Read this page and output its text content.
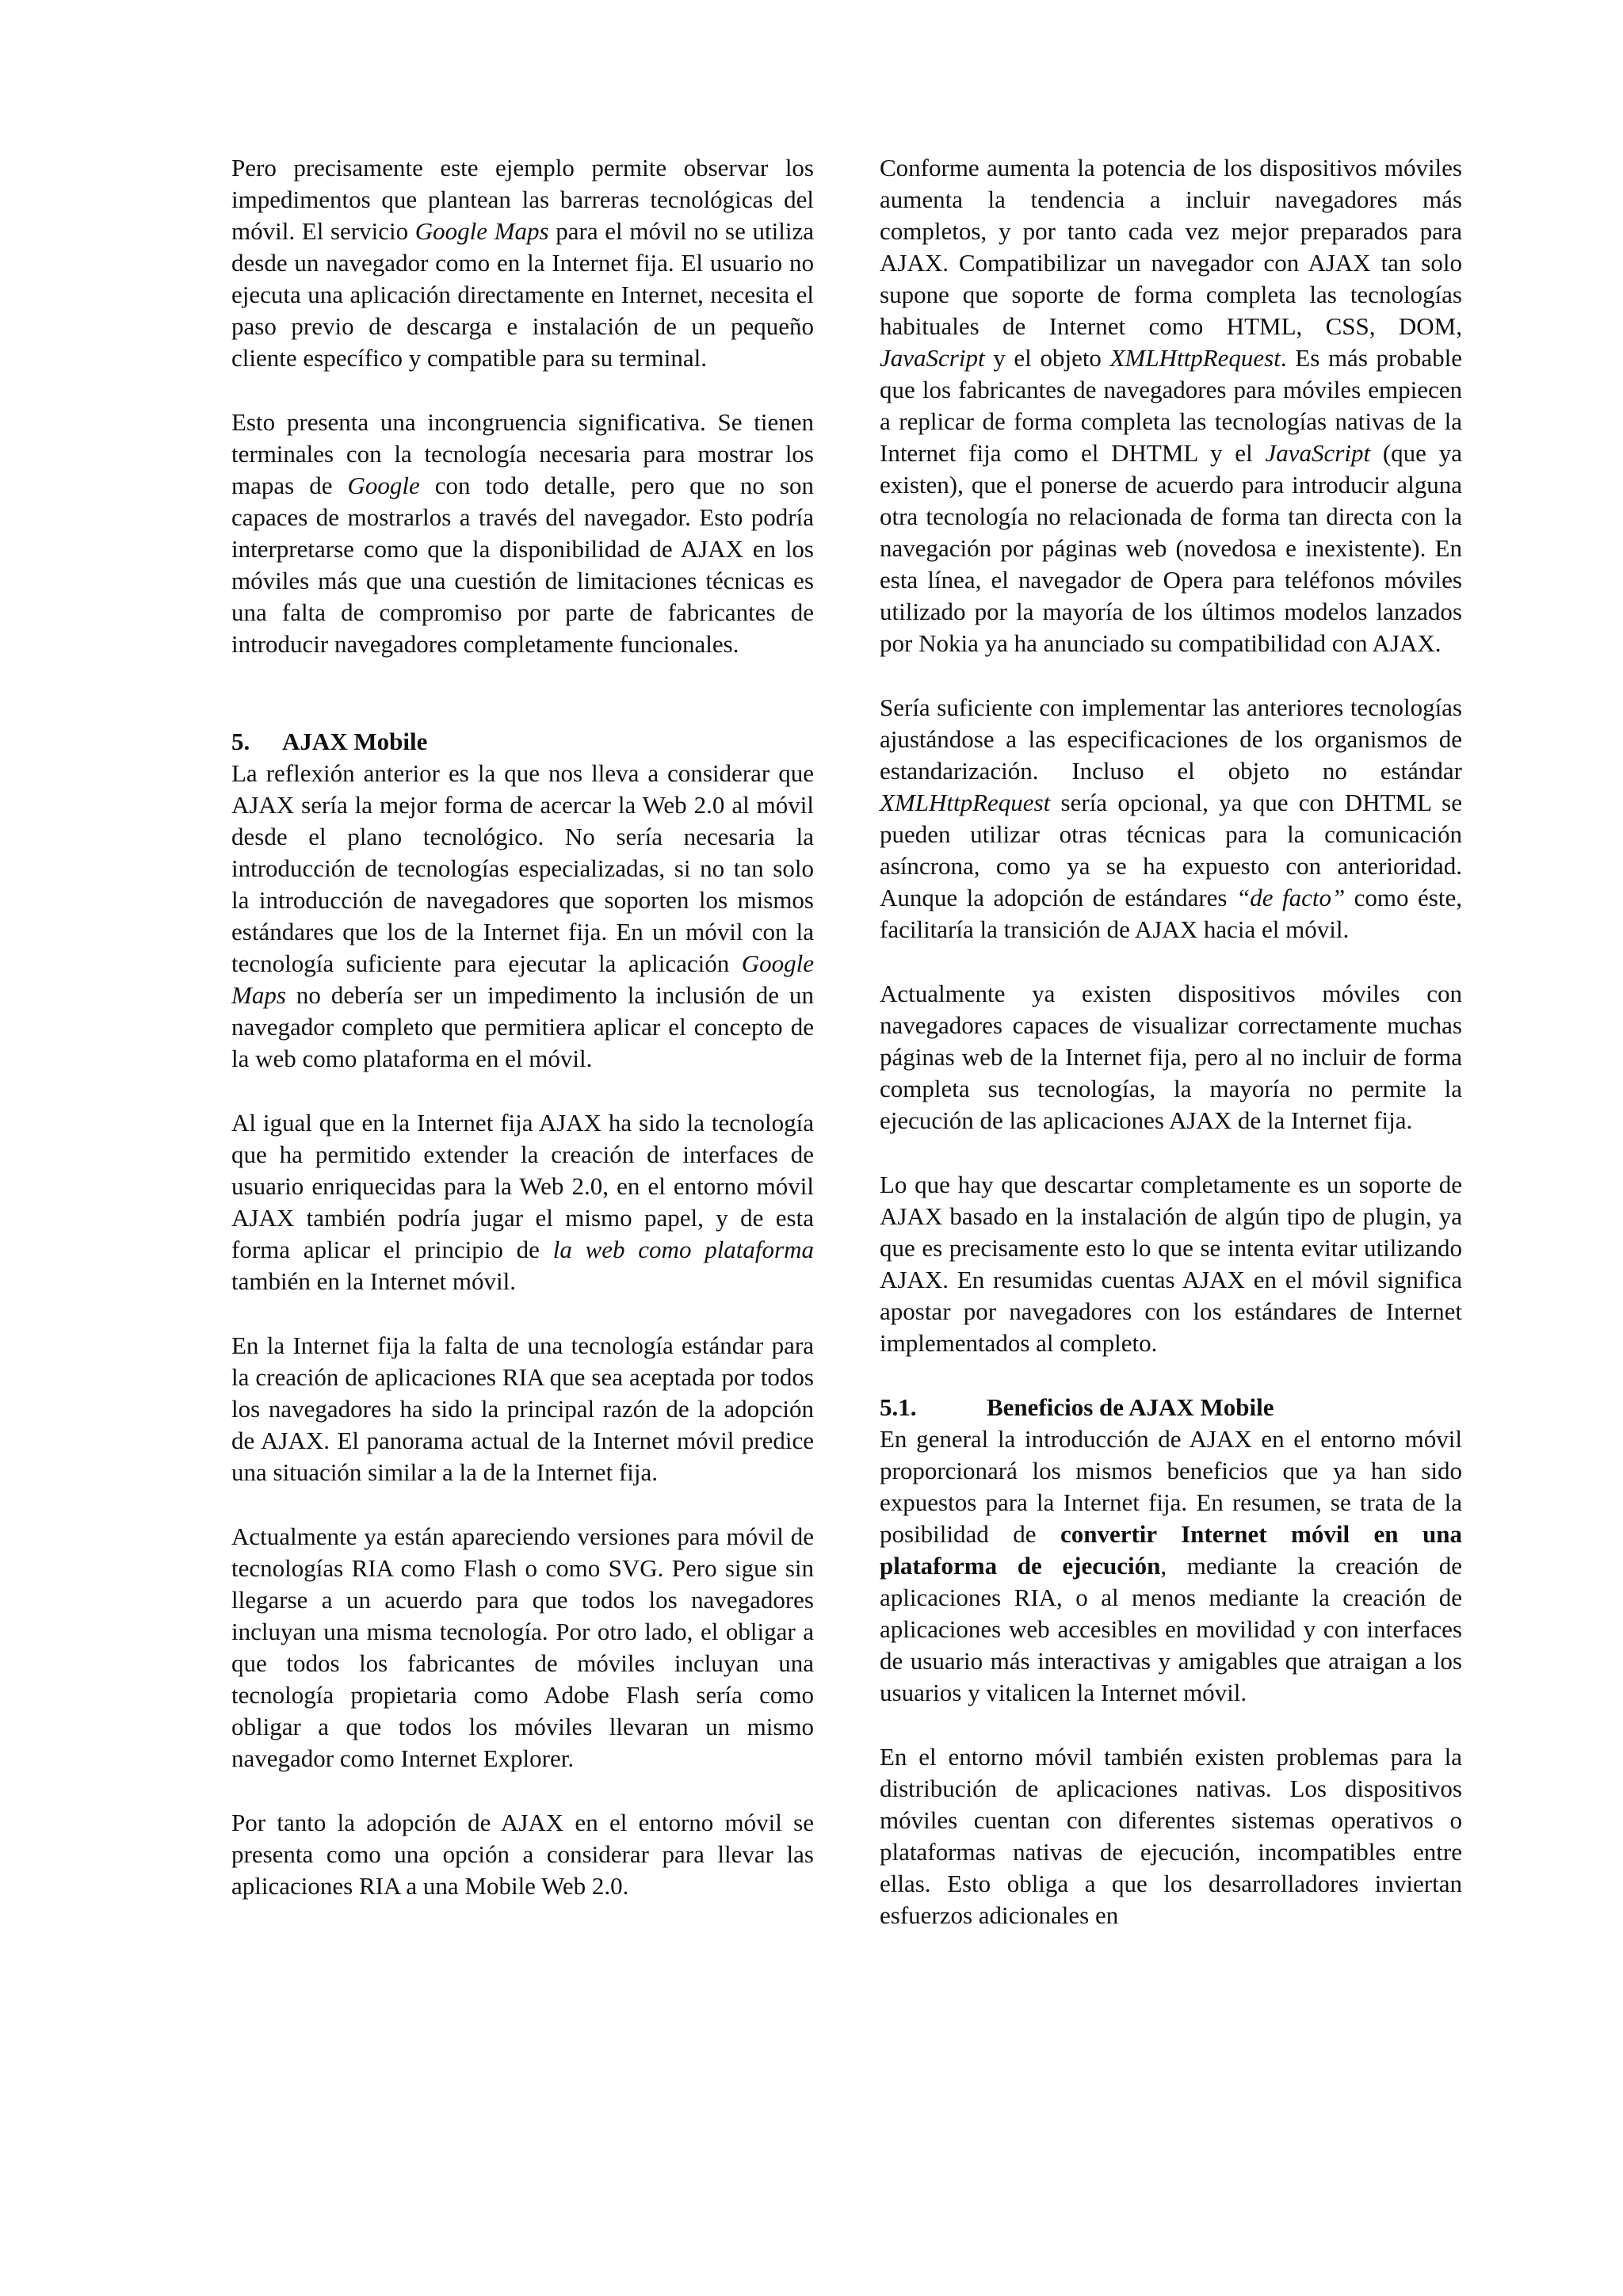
Pero precisamente este ejemplo permite observar los impedimentos que plantean las barreras tecnológicas del móvil. El servicio Google Maps para el móvil no se utiliza desde un navegador como en la Internet fija. El usuario no ejecuta una aplicación directamente en Internet, necesita el paso previo de descarga e instalación de un pequeño cliente específico y compatible para su terminal.

Esto presenta una incongruencia significativa. Se tienen terminales con la tecnología necesaria para mostrar los mapas de Google con todo detalle, pero que no son capaces de mostrarlos a través del navegador. Esto podría interpretarse como que la disponibilidad de AJAX en los móviles más que una cuestión de limitaciones técnicas es una falta de compromiso por parte de fabricantes de introducir navegadores completamente funcionales.

5. AJAX Mobile

La reflexión anterior es la que nos lleva a considerar que AJAX sería la mejor forma de acercar la Web 2.0 al móvil desde el plano tecnológico. No sería necesaria la introducción de tecnologías especializadas, si no tan solo la introducción de navegadores que soporten los mismos estándares que los de la Internet fija. En un móvil con la tecnología suficiente para ejecutar la aplicación Google Maps no debería ser un impedimento la inclusión de un navegador completo que permitiera aplicar el concepto de la web como plataforma en el móvil.

Al igual que en la Internet fija AJAX ha sido la tecnología que ha permitido extender la creación de interfaces de usuario enriquecidas para la Web 2.0, en el entorno móvil AJAX también podría jugar el mismo papel, y de esta forma aplicar el principio de la web como plataforma también en la Internet móvil.

En la Internet fija la falta de una tecnología estándar para la creación de aplicaciones RIA que sea aceptada por todos los navegadores ha sido la principal razón de la adopción de AJAX. El panorama actual de la Internet móvil predice una situación similar a la de la Internet fija.

Actualmente ya están apareciendo versiones para móvil de tecnologías RIA como Flash o como SVG. Pero sigue sin llegarse a un acuerdo para que todos los navegadores incluyan una misma tecnología. Por otro lado, el obligar a que todos los fabricantes de móviles incluyan una tecnología propietaria como Adobe Flash sería como obligar a que todos los móviles llevaran un mismo navegador como Internet Explorer.

Por tanto la adopción de AJAX en el entorno móvil se presenta como una opción a considerar para llevar las aplicaciones RIA a una Mobile Web 2.0.

Conforme aumenta la potencia de los dispositivos móviles aumenta la tendencia a incluir navegadores más completos, y por tanto cada vez mejor preparados para AJAX. Compatibilizar un navegador con AJAX tan solo supone que soporte de forma completa las tecnologías habituales de Internet como HTML, CSS, DOM, JavaScript y el objeto XMLHttpRequest. Es más probable que los fabricantes de navegadores para móviles empiecen a replicar de forma completa las tecnologías nativas de la Internet fija como el DHTML y el JavaScript (que ya existen), que el ponerse de acuerdo para introducir alguna otra tecnología no relacionada de forma tan directa con la navegación por páginas web (novedosa e inexistente). En esta línea, el navegador de Opera para teléfonos móviles utilizado por la mayoría de los últimos modelos lanzados por Nokia ya ha anunciado su compatibilidad con AJAX.

Sería suficiente con implementar las anteriores tecnologías ajustándose a las especificaciones de los organismos de estandarización. Incluso el objeto no estándar XMLHttpRequest sería opcional, ya que con DHTML se pueden utilizar otras técnicas para la comunicación asíncrona, como ya se ha expuesto con anterioridad. Aunque la adopción de estándares “de facto” como éste, facilitaría la transición de AJAX hacia el móvil.

Actualmente ya existen dispositivos móviles con navegadores capaces de visualizar correctamente muchas páginas web de la Internet fija, pero al no incluir de forma completa sus tecnologías, la mayoría no permite la ejecución de las aplicaciones AJAX de la Internet fija.

Lo que hay que descartar completamente es un soporte de AJAX basado en la instalación de algún tipo de plugin, ya que es precisamente esto lo que se intenta evitar utilizando AJAX. En resumidas cuentas AJAX en el móvil significa apostar por navegadores con los estándares de Internet implementados al completo.

5.1.	Beneficios de AJAX Mobile

En general la introducción de AJAX en el entorno móvil proporcionará los mismos beneficios que ya han sido expuestos para la Internet fija. En resumen, se trata de la posibilidad de convertir Internet móvil en una plataforma de ejecución, mediante la creación de aplicaciones RIA, o al menos mediante la creación de aplicaciones web accesibles en movilidad y con interfaces de usuario más interactivas y amigables que atraigan a los usuarios y vitalicen la Internet móvil.

En el entorno móvil también existen problemas para la distribución de aplicaciones nativas. Los dispositivos móviles cuentan con diferentes sistemas operativos o plataformas nativas de ejecución, incompatibles entre ellas. Esto obliga a que los desarrolladores inviertan esfuerzos adicionales en
